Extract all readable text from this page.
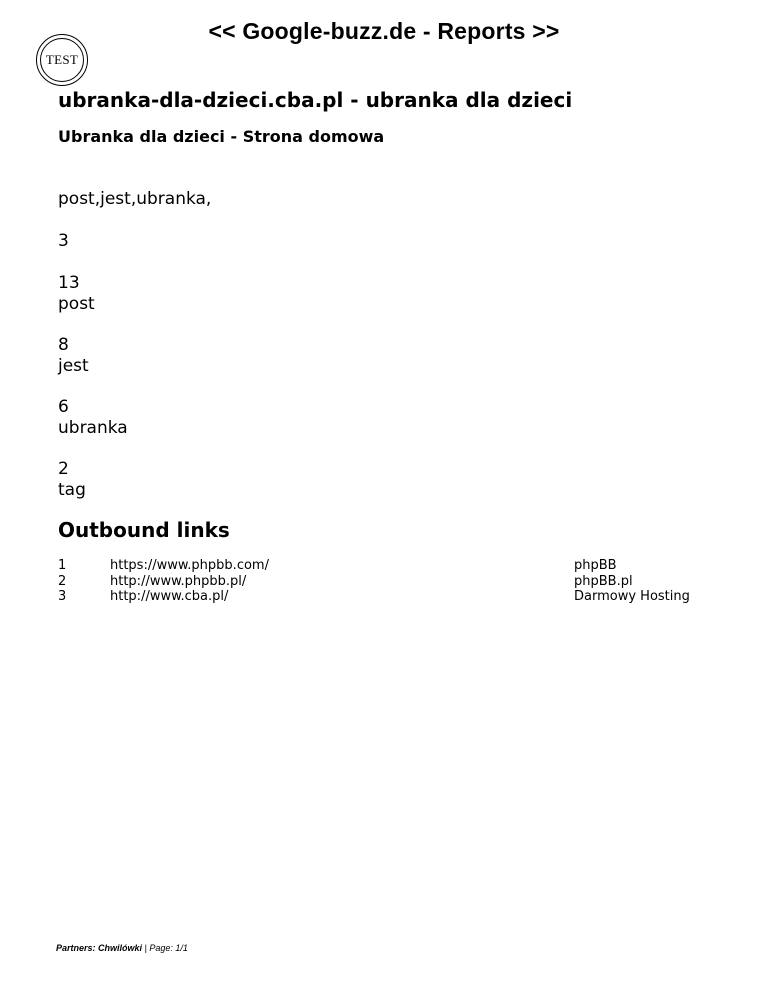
<< Google-buzz.de - Reports >>
TEST
ubranka-dla-dzieci.cba.pl - ubranka dla dzieci
Ubranka dla dzieci - Strona domowa
post,jest,ubranka,
3
13
post
8
jest
6
ubranka
2
tag
Outbound links
1	https://www.phpbb.com/	phpBB
2	http://www.phpbb.pl/	phpBB.pl
3	http://www.cba.pl/	Darmowy Hosting
Partners: Chwilówki | Page: 1/1
